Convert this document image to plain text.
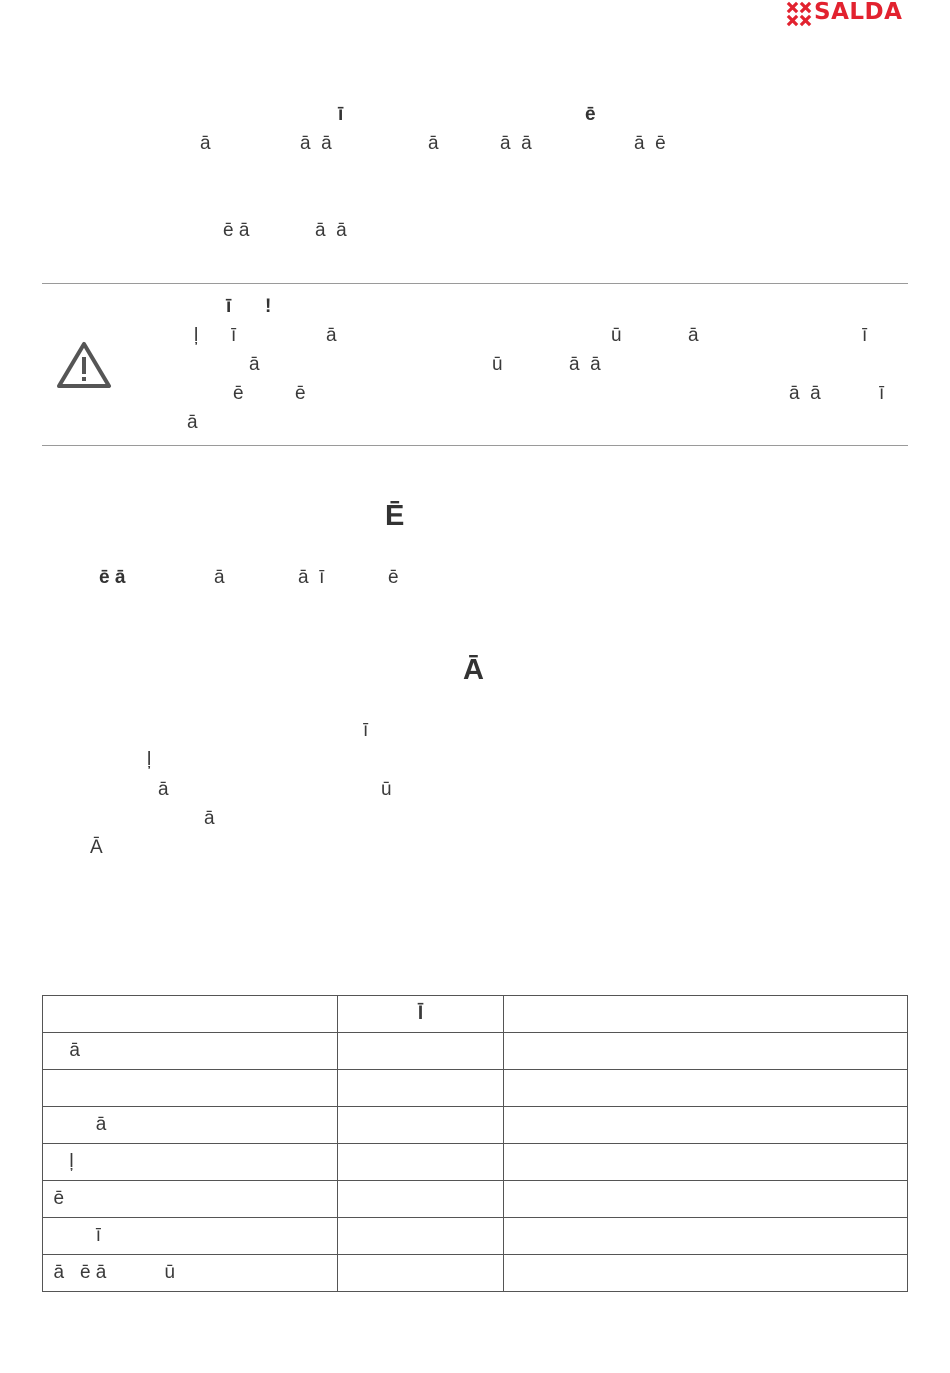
SALDA
ī	ē
ā	ā  ā	ā	ā  ā	ā  ē
ē ā	ā  ā
ī !
ļ ī	ā	ū	ā	ī
ā	ū	ā  ā
ē	ē	ā  ā	ī
ā
Ē
ē ā	ā	ā  ī	ē
Ā
ī
ļ
ā	ū
ā
Ā
	Ī	
ā		

ā		
ļ		
ē		
ī		
ā   ē ā           ū		
